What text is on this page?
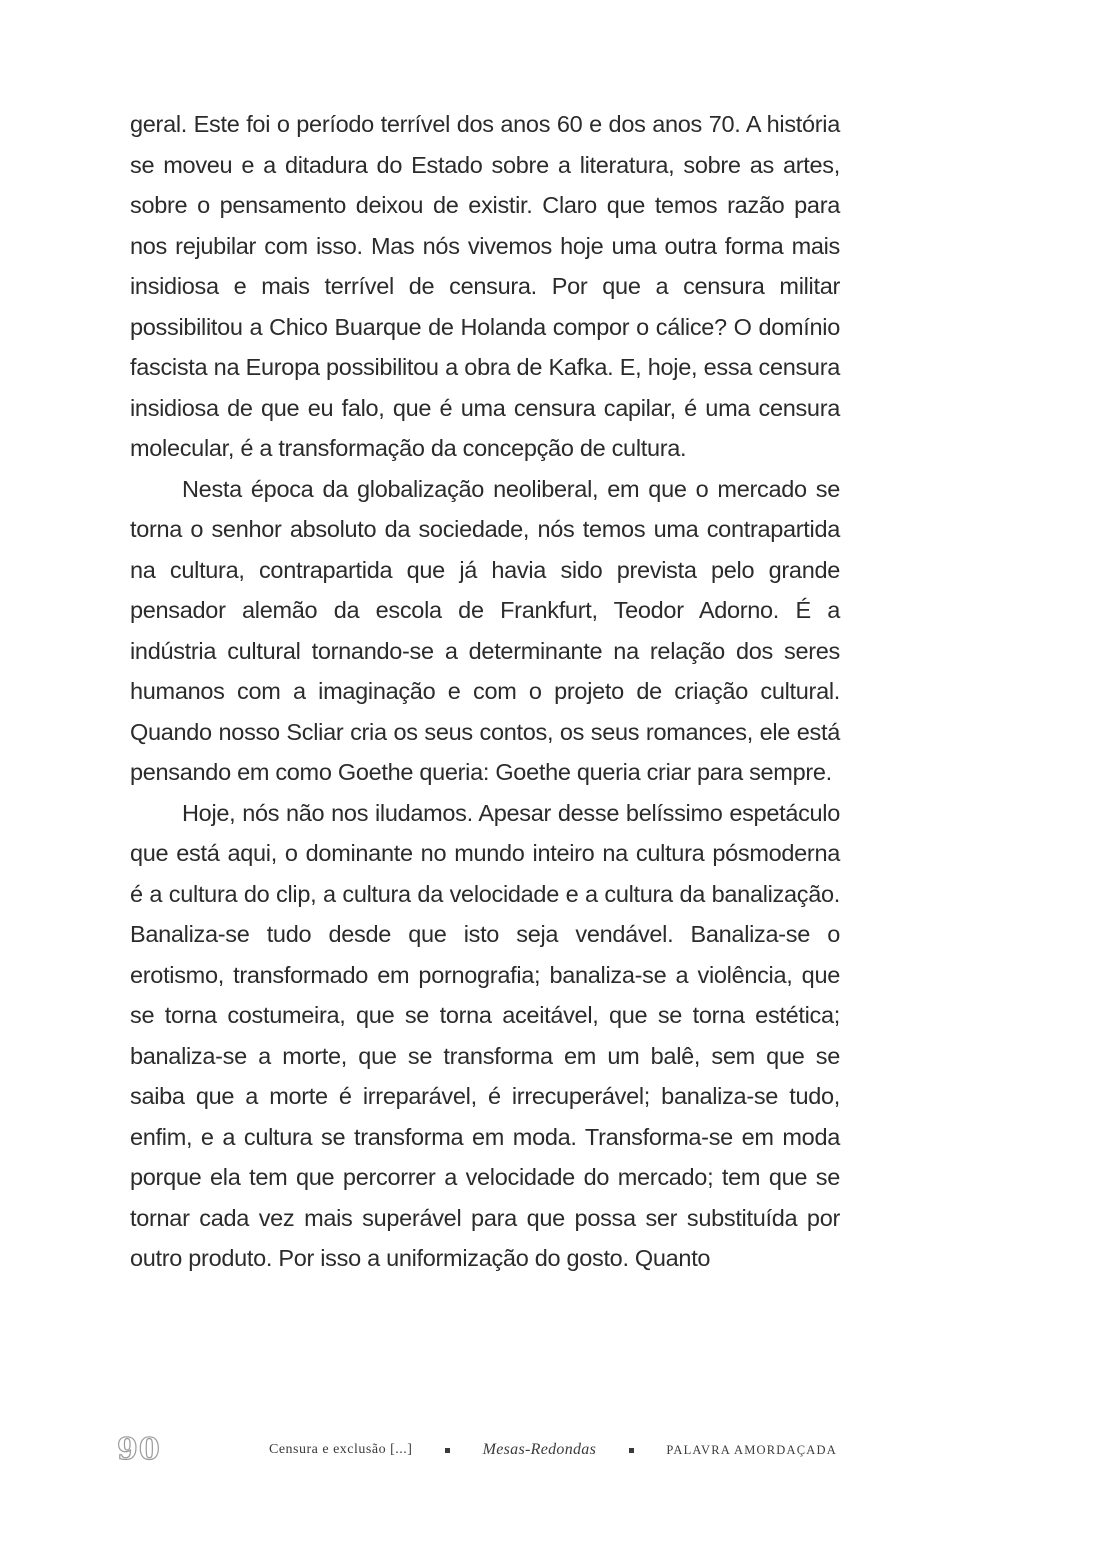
geral. Este foi o período terrível dos anos 60 e dos anos 70. A história se moveu e a ditadura do Estado sobre a literatura, sobre as artes, sobre o pensamento deixou de existir. Claro que temos razão para nos rejubilar com isso. Mas nós vivemos hoje uma outra forma mais insidiosa e mais terrível de censura. Por que a censura militar possibilitou a Chico Buarque de Holanda compor o cálice? O domínio fascista na Europa possibilitou a obra de Kafka. E, hoje, essa censura insidiosa de que eu falo, que é uma censura capilar, é uma censura molecular, é a transformação da concepção de cultura.

Nesta época da globalização neoliberal, em que o mercado se torna o senhor absoluto da sociedade, nós temos uma contrapartida na cultura, contrapartida que já havia sido prevista pelo grande pensador alemão da escola de Frankfurt, Teodor Adorno. É a indústria cultural tornando-se a determinante na relação dos seres humanos com a imaginação e com o projeto de criação cultural. Quando nosso Scliar cria os seus contos, os seus romances, ele está pensando em como Goethe queria: Goethe queria criar para sempre.

Hoje, nós não nos iludamos. Apesar desse belíssimo espetáculo que está aqui, o dominante no mundo inteiro na cultura pósmoderna é a cultura do clip, a cultura da velocidade e a cultura da banalização. Banaliza-se tudo desde que isto seja vendável. Banaliza-se o erotismo, transformado em pornografia; banaliza-se a violência, que se torna costumeira, que se torna aceitável, que se torna estética; banaliza-se a morte, que se transforma em um balê, sem que se saiba que a morte é irreparável, é irrecuperável; banaliza-se tudo, enfim, e a cultura se transforma em moda. Transforma-se em moda porque ela tem que percorrer a velocidade do mercado; tem que se tornar cada vez mais superável para que possa ser substituída por outro produto. Por isso a uniformização do gosto. Quanto

90	Censura e exclusão [...]	Mesas-Redondas	PALAVRA AMORDAÇADA
